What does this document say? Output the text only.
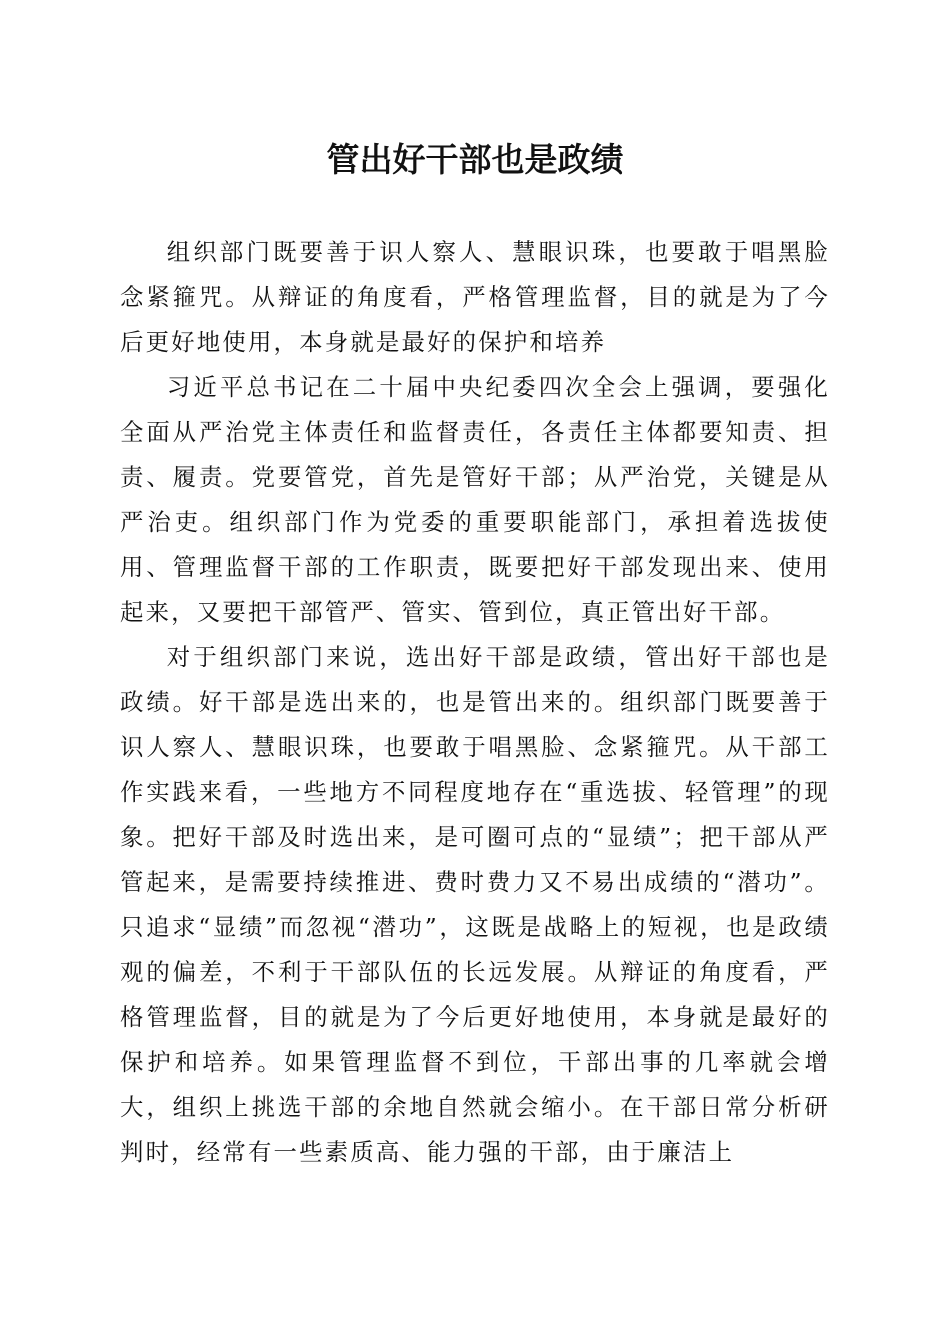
管出好干部也是政绩

组织部门既要善于识人察人、慧眼识珠，也要敢于唱黑脸念紧箍咒。从辩证的角度看，严格管理监督，目的就是为了今后更好地使用，本身就是最好的保护和培养

习近平总书记在二十届中央纪委四次全会上强调，要强化全面从严治党主体责任和监督责任，各责任主体都要知责、担责、履责。党要管党，首先是管好干部；从严治党，关键是从严治吏。组织部门作为党委的重要职能部门，承担着选拔使用、管理监督干部的工作职责，既要把好干部发现出来、使用起来，又要把干部管严、管实、管到位，真正管出好干部。

对于组织部门来说，选出好干部是政绩，管出好干部也是政绩。好干部是选出来的，也是管出来的。组织部门既要善于识人察人、慧眼识珠，也要敢于唱黑脸、念紧箍咒。从干部工作实践来看，一些地方不同程度地存在“重选拔、轻管理”的现象。把好干部及时选出来，是可圈可点的“显绩”；把干部从严管起来，是需要持续推进、费时费力又不易出成绩的“潜功”。只追求“显绩”而忽视“潜功”，这既是战略上的短视，也是政绩观的偏差，不利于干部队伍的长远发展。从辩证的角度看，严格管理监督，目的就是为了今后更好地使用，本身就是最好的保护和培养。如果管理监督不到位，干部出事的几率就会增大，组织上挑选干部的余地自然就会缩小。在干部日常分析研判时，经常有一些素质高、能力强的干部，由于廉洁上
